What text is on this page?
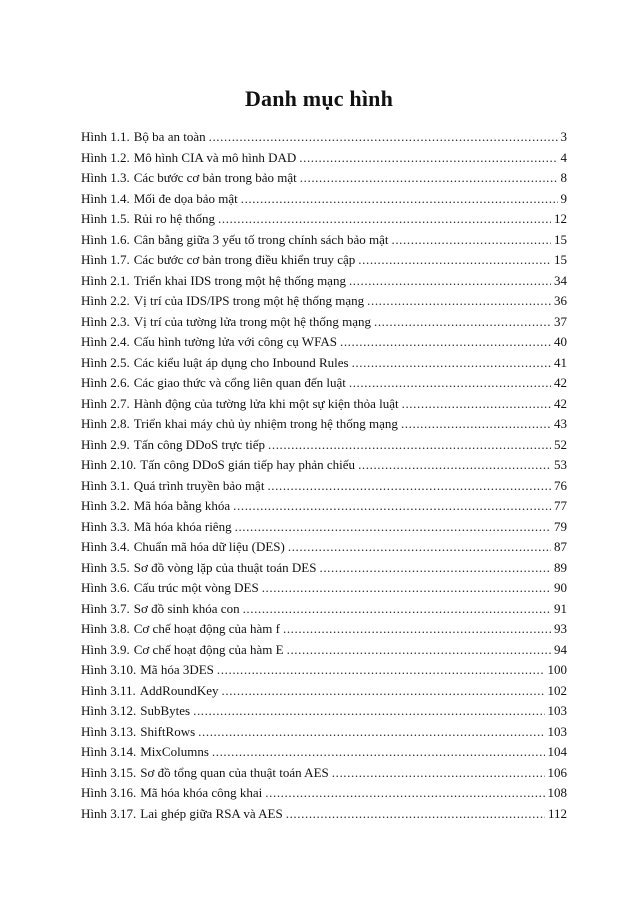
Danh mục hình
Hình 1.1. Bộ ba an toàn .....	3
Hình 1.2. Mô hình CIA và mô hình DAD .....	4
Hình 1.3. Các bước cơ bản trong bảo mật .....	8
Hình 1.4. Mối đe dọa bảo mật .....	9
Hình 1.5. Rủi ro hệ thống .....	12
Hình 1.6. Cân bằng giữa 3 yếu tố trong chính sách bảo mật .....	15
Hình 1.7. Các bước cơ bản trong điều khiển truy cập .....	15
Hình 2.1. Triển khai IDS trong một hệ thống mạng .....	34
Hình 2.2. Vị trí của IDS/IPS trong một hệ thống mạng .....	36
Hình 2.3. Vị trí của tường lửa trong một hệ thống mạng .....	37
Hình 2.4. Cấu hình tường lửa với công cụ WFAS .....	40
Hình 2.5. Các kiểu luật áp dụng cho Inbound Rules .....	41
Hình 2.6. Các giao thức và cổng liên quan đến luật .....	42
Hình 2.7. Hành động của tường lửa khi một sự kiện thỏa luật .....	42
Hình 2.8. Triển khai máy chủ ủy nhiệm trong hệ thống mạng .....	43
Hình 2.9. Tấn công DDoS trực tiếp .....	52
Hình 2.10. Tấn công DDoS gián tiếp hay phản chiếu .....	53
Hình 3.1. Quá trình truyền bảo mật .....	76
Hình 3.2. Mã hóa bằng khóa .....	77
Hình 3.3. Mã hóa khóa riêng .....	79
Hình 3.4. Chuẩn mã hóa dữ liệu (DES) .....	87
Hình 3.5. Sơ đồ vòng lặp của thuật toán DES .....	89
Hình 3.6. Cấu trúc một vòng DES .....	90
Hình 3.7. Sơ đồ sinh khóa con .....	91
Hình 3.8. Cơ chế hoạt động của hàm f .....	93
Hình 3.9. Cơ chế hoạt động của hàm E .....	94
Hình 3.10. Mã hóa 3DES .....	100
Hình 3.11. AddRoundKey .....	102
Hình 3.12. SubBytes .....	103
Hình 3.13. ShiftRows .....	103
Hình 3.14. MixColumns .....	104
Hình 3.15. Sơ đồ tổng quan của thuật toán AES .....	106
Hình 3.16. Mã hóa khóa công khai .....	108
Hình 3.17. Lai ghép giữa RSA và AES .....	112
